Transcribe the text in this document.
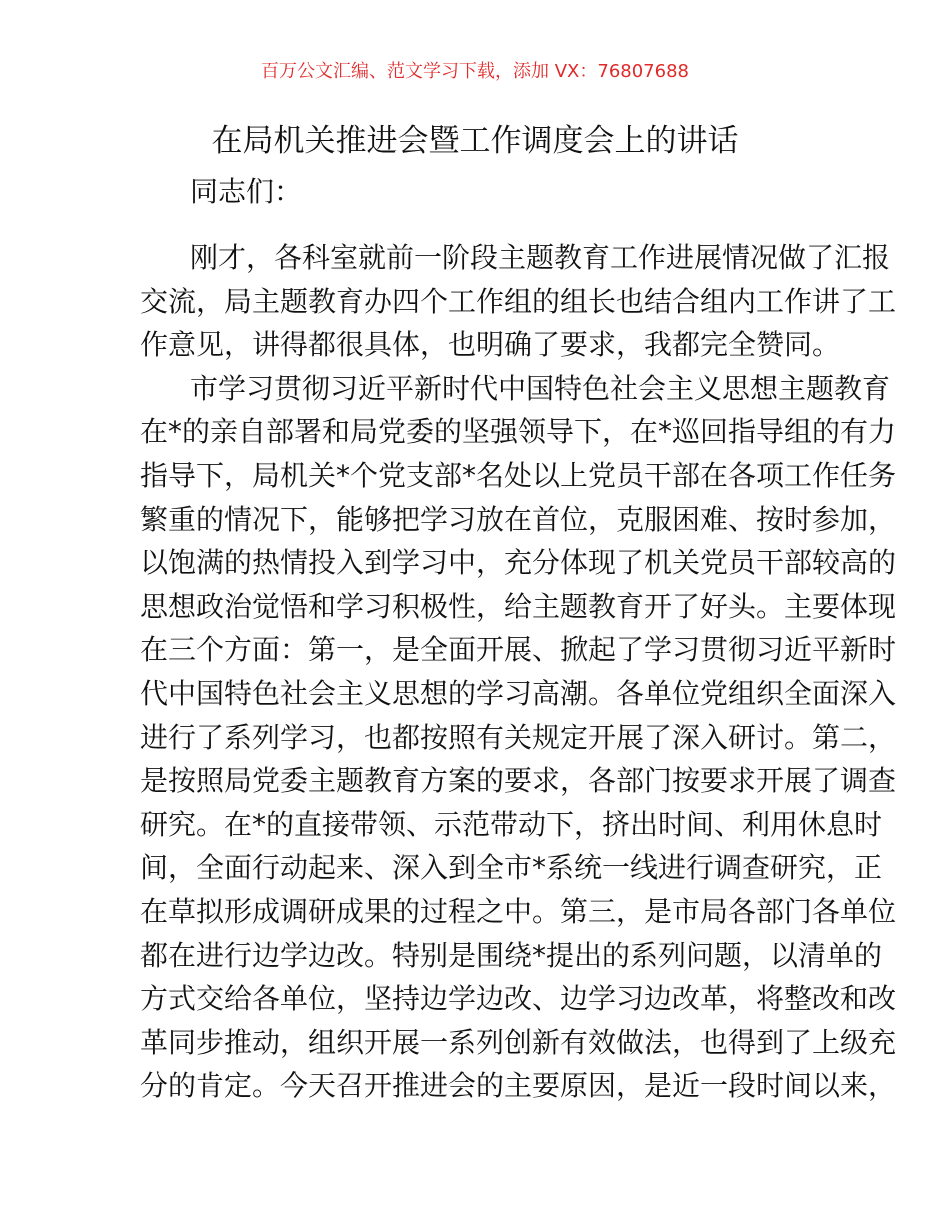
百万公文汇编、范文学习下载，添加 VX：76807688
在局机关推进会暨工作调度会上的讲话
同志们：
刚才，各科室就前一阶段主题教育工作进展情况做了汇报
交流，局主题教育办四个工作组的组长也结合组内工作讲了工
作意见，讲得都很具体，也明确了要求，我都完全赞同。
市学习贯彻习近平新时代中国特色社会主义思想主题教育
在*的亲自部署和局党委的坚强领导下，在*巡回指导组的有力
指导下，局机关*个党支部*名处以上党员干部在各项工作任务
繁重的情况下，能够把学习放在首位，克服困难、按时参加，
以饱满的热情投入到学习中，充分体现了机关党员干部较高的
思想政治觉悟和学习积极性，给主题教育开了好头。主要体现
在三个方面：第一，是全面开展、掀起了学习贯彻习近平新时
代中国特色社会主义思想的学习高潮。各单位党组织全面深入
进行了系列学习，也都按照有关规定开展了深入研讨。第二，
是按照局党委主题教育方案的要求，各部门按要求开展了调查
研究。在*的直接带领、示范带动下，挤出时间、利用休息时
间，全面行动起来、深入到全市*系统一线进行调查研究，正
在草拟形成调研成果的过程之中。第三，是市局各部门各单位
都在进行边学边改。特别是围绕*提出的系列问题，以清单的
方式交给各单位，坚持边学边改、边学习边改革，将整改和改
革同步推动，组织开展一系列创新有效做法，也得到了上级充
分的肯定。今天召开推进会的主要原因，是近一段时间以来，
